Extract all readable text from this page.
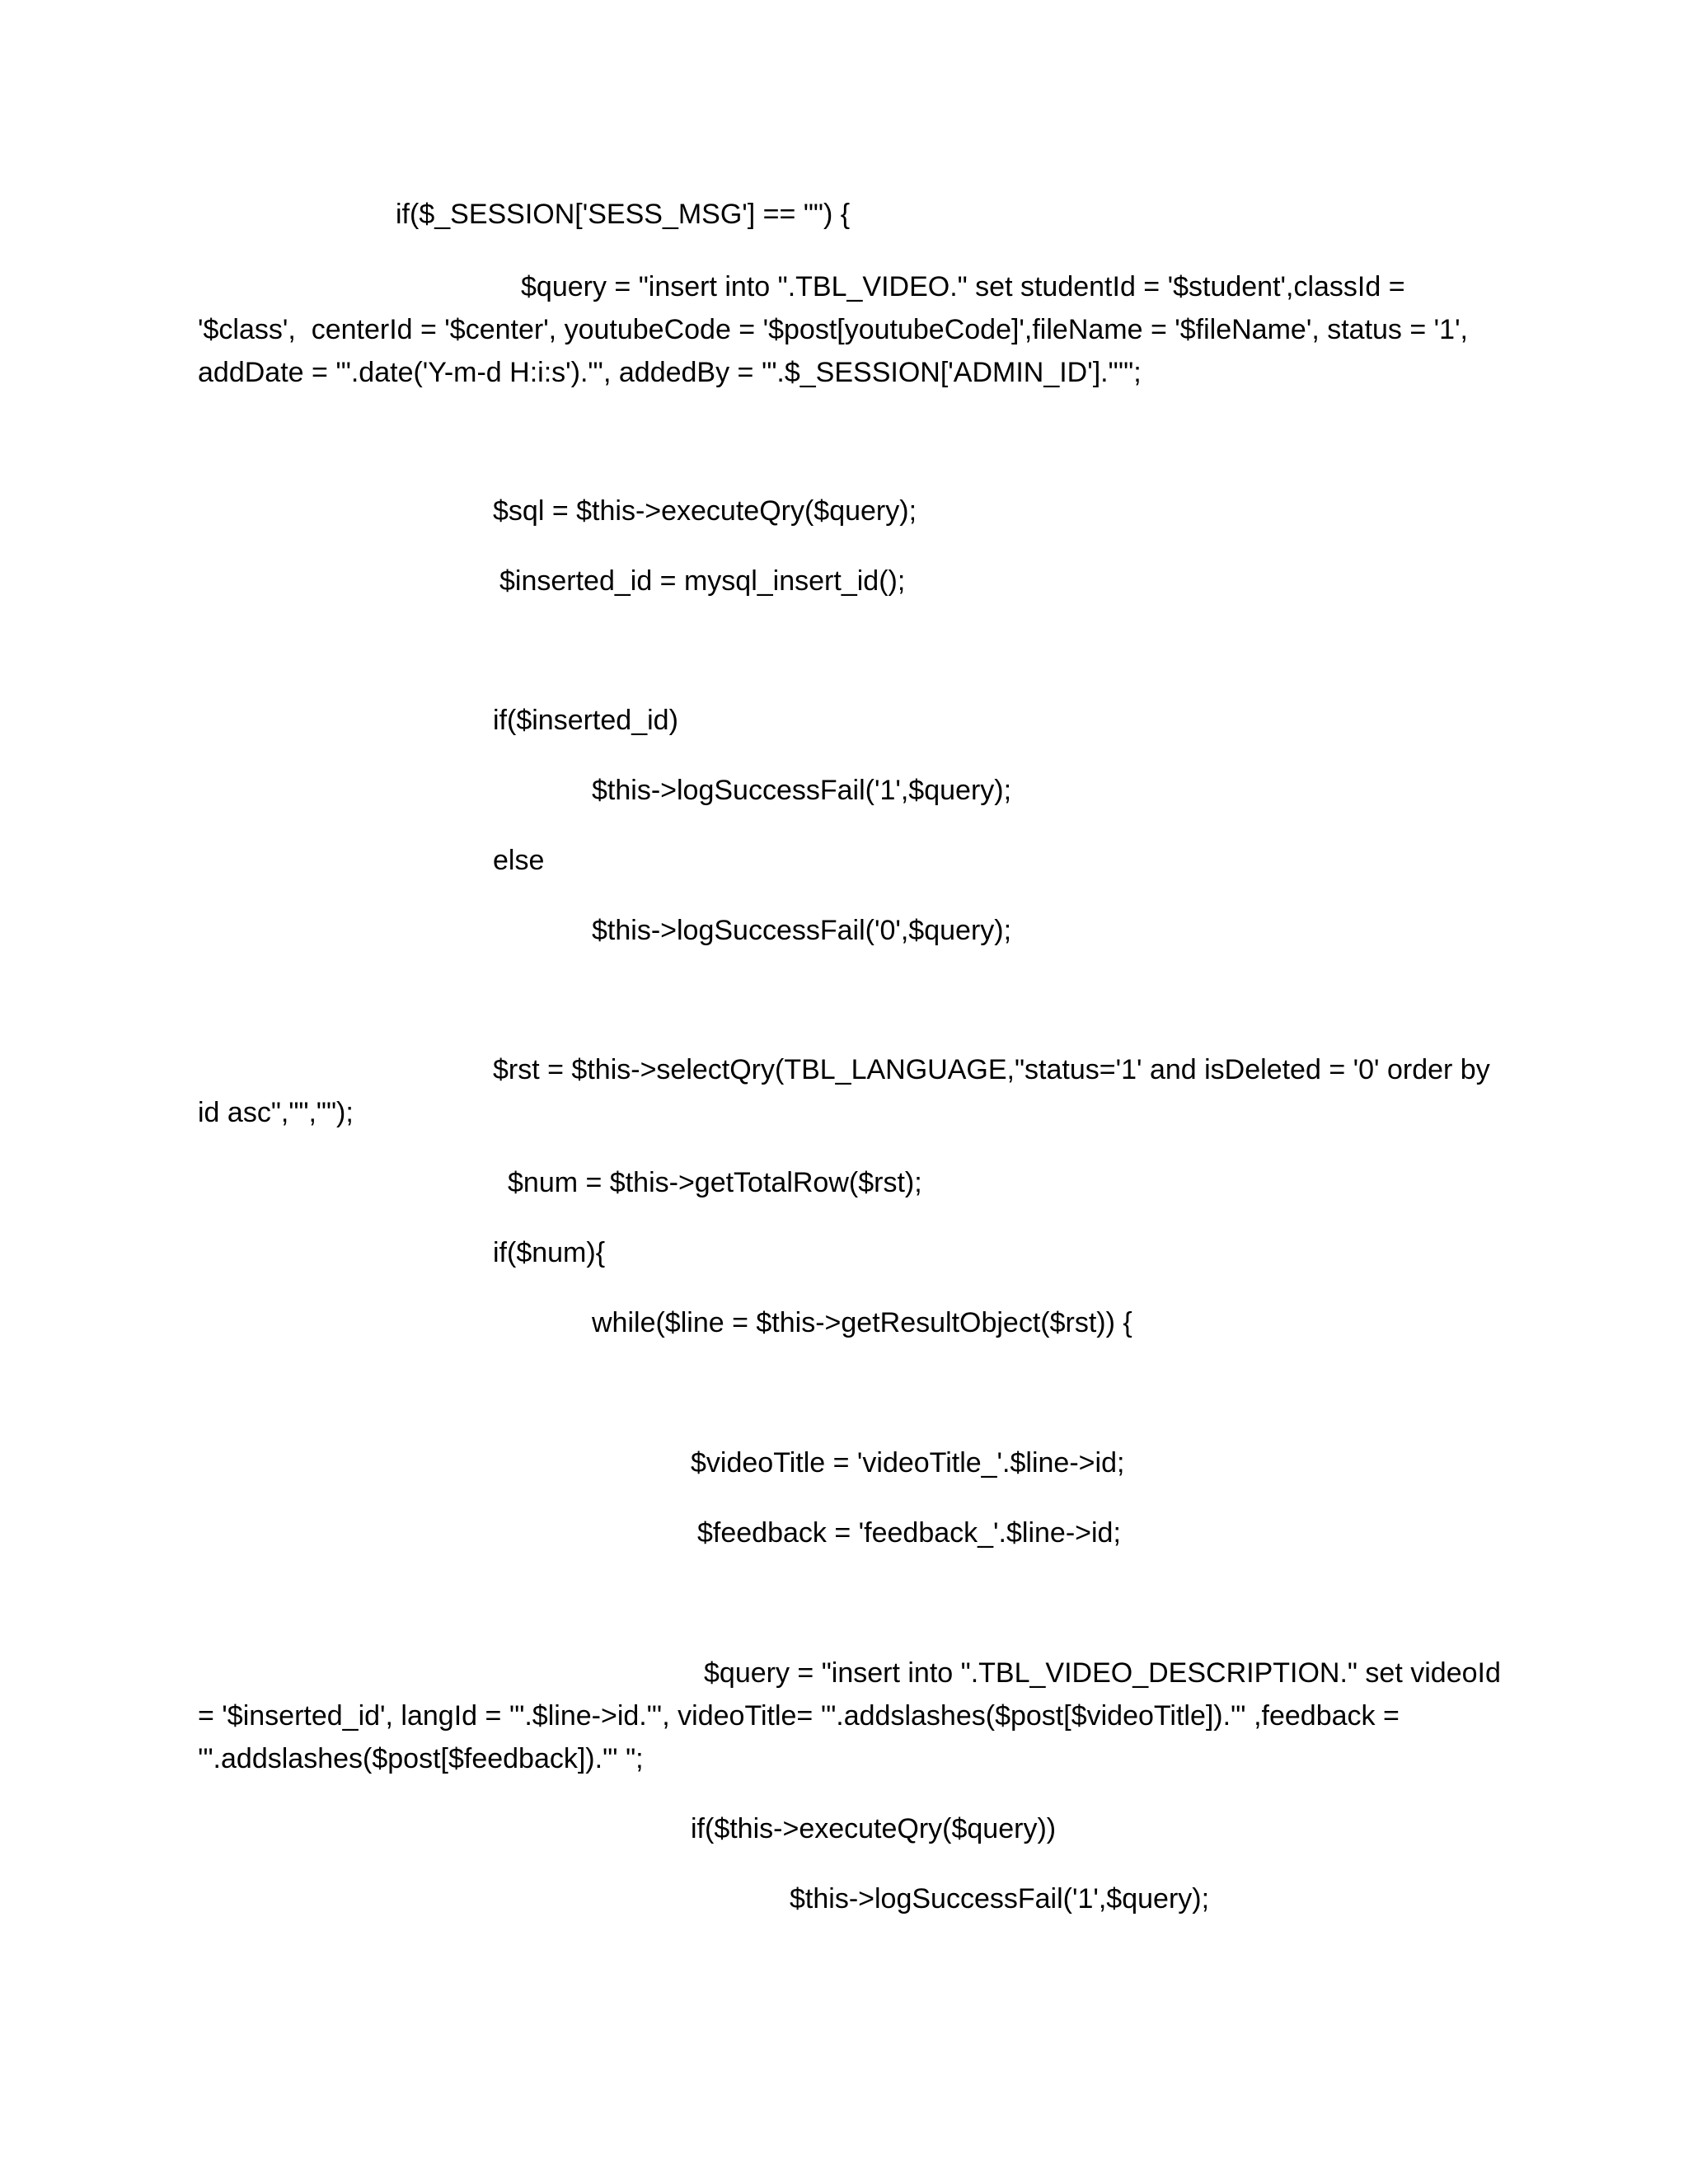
if($_SESSION['SESS_MSG'] == "") {

$query = "insert into ".TBL_VIDEO." set studentId = '$student',classId =

'$class',  centerId = '$center', youtubeCode = '$post[youtubeCode]',fileName = '$fileName', status = '1',

addDate = '".date('Y-m-d H:i:s')."', addedBy = '".$_SESSION['ADMIN_ID']."'";

$sql = $this->executeQry($query);

$inserted_id = mysql_insert_id();

if($inserted_id)

$this->logSuccessFail('1',$query);

else

$this->logSuccessFail('0',$query);

$rst = $this->selectQry(TBL_LANGUAGE,"status='1' and isDeleted = '0' order by

id asc","","");

$num = $this->getTotalRow($rst);

if($num){

while($line = $this->getResultObject($rst)) {

$videoTitle = 'videoTitle_'.$line->id;

$feedback = 'feedback_'.$line->id;

$query = "insert into ".TBL_VIDEO_DESCRIPTION." set videoId

= '$inserted_id', langId = '".$line->id."', videoTitle= '".addslashes($post[$videoTitle])."' ,feedback =

'".addslashes($post[$feedback])."' ";

if($this->executeQry($query))

$this->logSuccessFail('1',$query);
